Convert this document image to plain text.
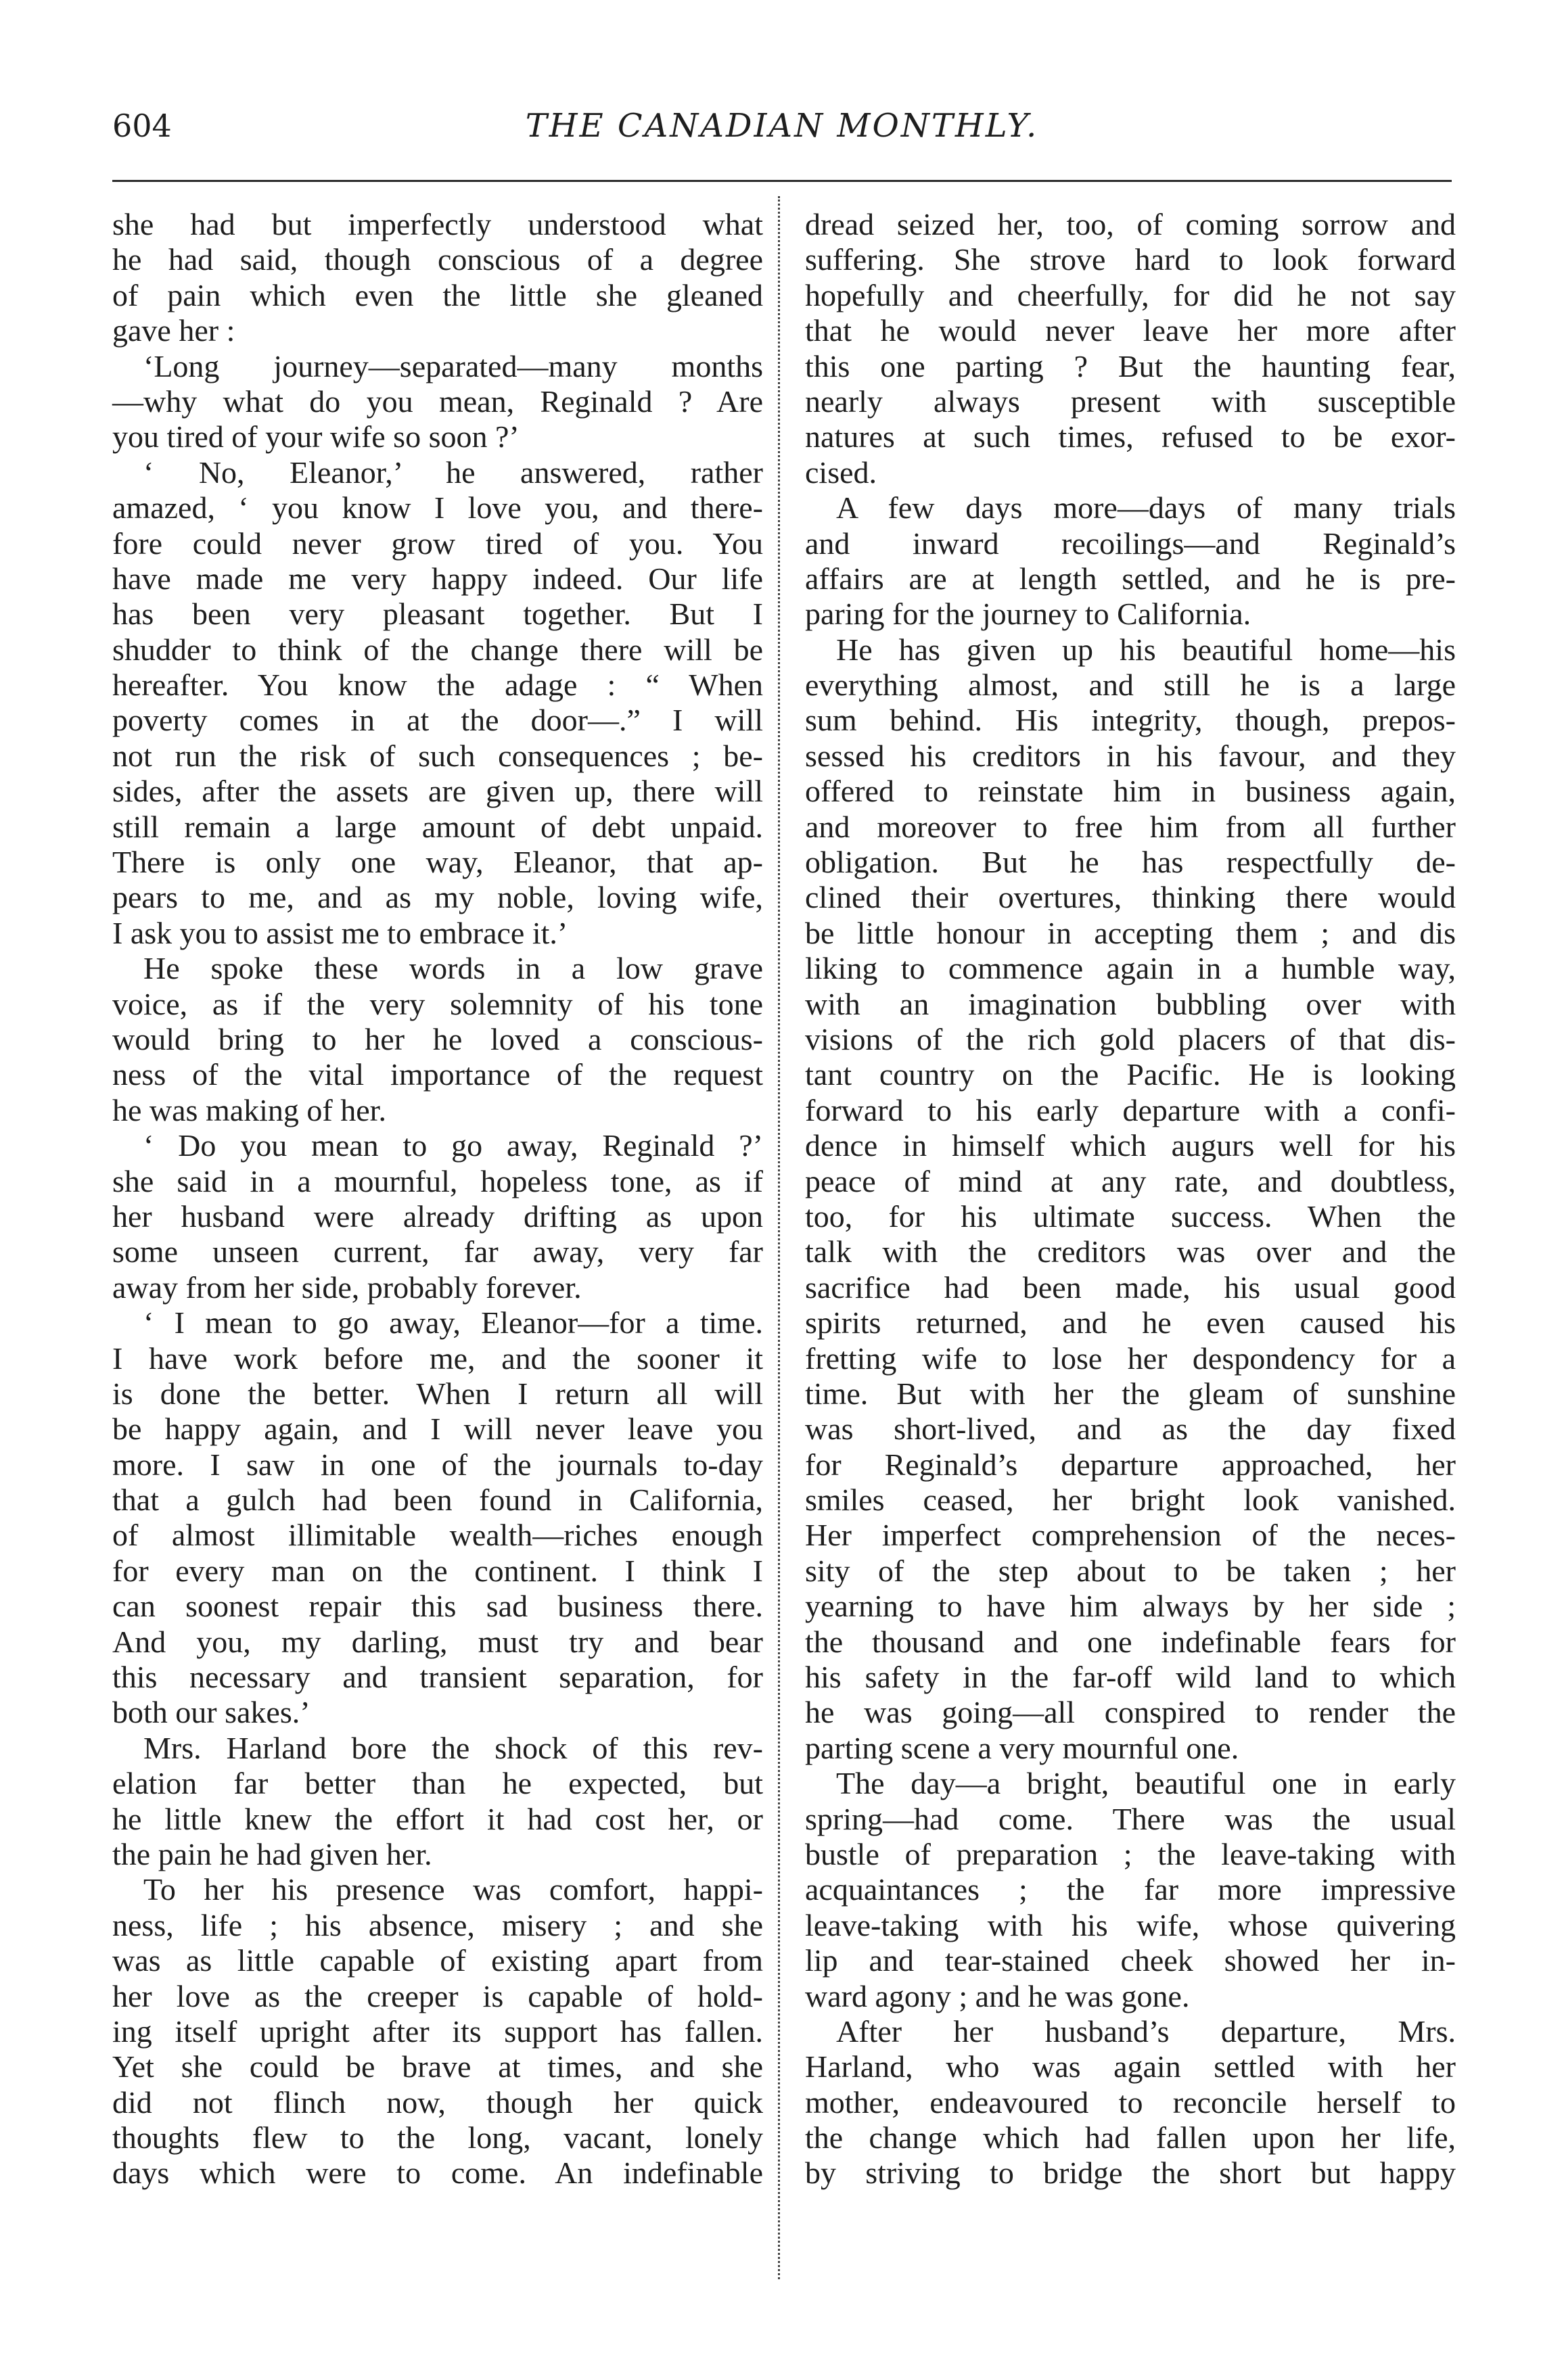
604	THE CANADIAN MONTHLY.
she had but imperfectly understood what
he had said, though conscious of a degree
of pain which even the little she gleaned
gave her :
‘Long journey—separated—many months
—why what do you mean, Reginald ? Are
you tired of your wife so soon ?’
‘ No, Eleanor,’ he answered, rather
amazed, ‘ you know I love you, and there-
fore could never grow tired of you. You
have made me very happy indeed. Our life
has been very pleasant together. But I
shudder to think of the change there will be
hereafter. You know the adage : “ When
poverty comes in at the door—.” I will
not run the risk of such consequences ; be-
sides, after the assets are given up, there will
still remain a large amount of debt unpaid.
There is only one way, Eleanor, that ap-
pears to me, and as my noble, loving wife,
I ask you to assist me to embrace it.’
He spoke these words in a low grave
voice, as if the very solemnity of his tone
would bring to her he loved a conscious-
ness of the vital importance of the request
he was making of her.
‘ Do you mean to go away, Reginald ?’
she said in a mournful, hopeless tone, as if
her husband were already drifting as upon
some unseen current, far away, very far
away from her side, probably forever.
‘ I mean to go away, Eleanor—for a time.
I have work before me, and the sooner it
is done the better. When I return all will
be happy again, and I will never leave you
more. I saw in one of the journals to-day
that a gulch had been found in California,
of almost illimitable wealth—riches enough
for every man on the continent. I think I
can soonest repair this sad business there.
And you, my darling, must try and bear
this necessary and transient separation, for
both our sakes.’
Mrs. Harland bore the shock of this rev-
elation far better than he expected, but
he little knew the effort it had cost her, or
the pain he had given her.
To her his presence was comfort, happi-
ness, life ; his absence, misery ; and she
was as little capable of existing apart from
her love as the creeper is capable of hold-
ing itself upright after its support has fallen.
Yet she could be brave at times, and she
did not flinch now, though her quick
thoughts flew to the long, vacant, lonely
days which were to come. An indefinable
dread seized her, too, of coming sorrow and
suffering. She strove hard to look forward
hopefully and cheerfully, for did he not say
that he would never leave her more after
this one parting ? But the haunting fear,
nearly always present with susceptible
natures at such times, refused to be exor-
cised.
A few days more—days of many trials
and inward recoilings—and Reginald’s
affairs are at length settled, and he is pre-
paring for the journey to California.
He has given up his beautiful home—his
everything almost, and still he is a large
sum behind. His integrity, though, prepos-
sessed his creditors in his favour, and they
offered to reinstate him in business again,
and moreover to free him from all further
obligation. But he has respectfully de-
clined their overtures, thinking there would
be little honour in accepting them ; and dis
liking to commence again in a humble way,
with an imagination bubbling over with
visions of the rich gold placers of that dis-
tant country on the Pacific. He is looking
forward to his early departure with a confi-
dence in himself which augurs well for his
peace of mind at any rate, and doubtless,
too, for his ultimate success. When the
talk with the creditors was over and the
sacrifice had been made, his usual good
spirits returned, and he even caused his
fretting wife to lose her despondency for a
time. But with her the gleam of sunshine
was short-lived, and as the day fixed
for Reginald’s departure approached, her
smiles ceased, her bright look vanished.
Her imperfect comprehension of the neces-
sity of the step about to be taken ; her
yearning to have him always by her side ;
the thousand and one indefinable fears for
his safety in the far-off wild land to which
he was going—all conspired to render the
parting scene a very mournful one.
The day—a bright, beautiful one in early
spring—had come. There was the usual
bustle of preparation ; the leave-taking with
acquaintances ; the far more impressive
leave-taking with his wife, whose quivering
lip and tear-stained cheek showed her in-
ward agony ; and he was gone.
After her husband’s departure, Mrs.
Harland, who was again settled with her
mother, endeavoured to reconcile herself to
the change which had fallen upon her life,
by striving to bridge the short but happy
